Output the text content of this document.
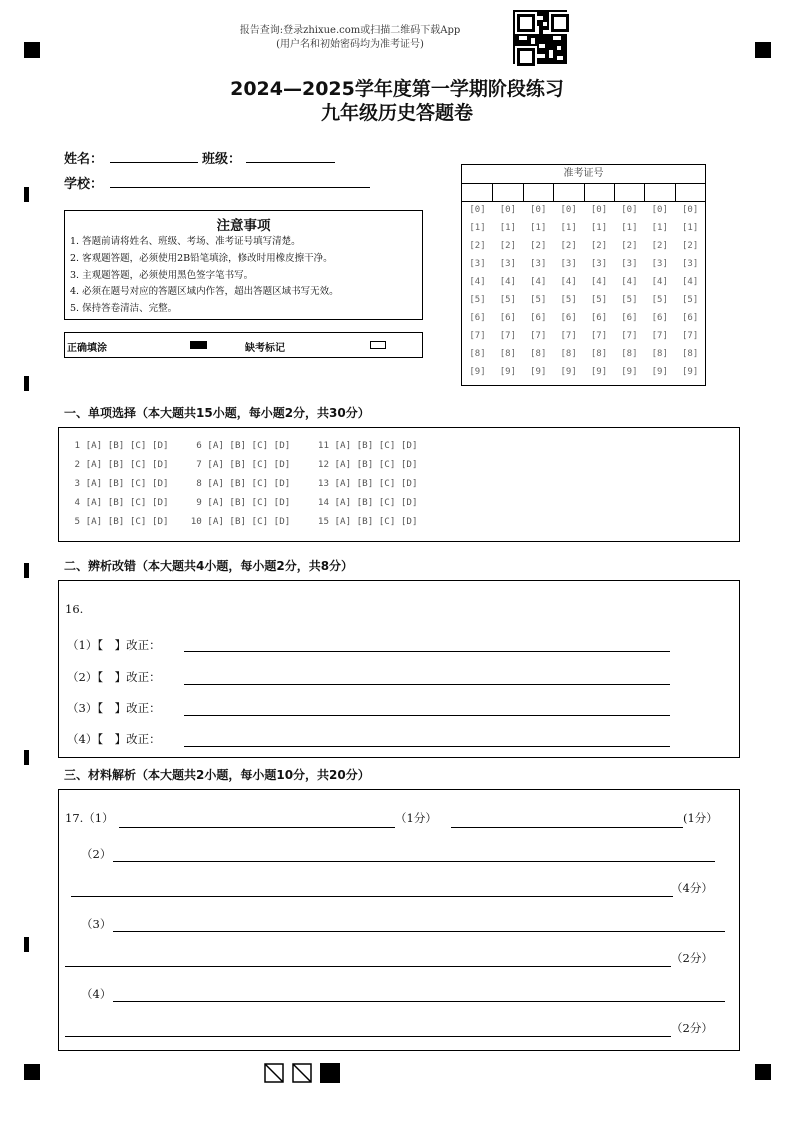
报告查询:登录zhixue.com或扫描二维码下载App
(用户名和初始密码均为准考证号)
2024—2025学年度第一学期阶段练习
九年级历史答题卷
姓名：	班级：
学校：
注意事项
1. 答题前请将姓名、班级、考场、准考证号填写清楚。
2. 客观题答题，必须使用2B铅笔填涂，修改时用橡皮擦干净。
3. 主观题答题，必须使用黑色签字笔书写。
4. 必须在题号对应的答题区域内作答，超出答题区域书写无效。
5. 保持答卷清洁、完整。
正确填涂	缺考标记
准考证号
[0]	[0]	[0]	[0]	[0]	[0]	[0]	[0]
[1]	[1]	[1]	[1]	[1]	[1]	[1]	[1]
[2]	[2]	[2]	[2]	[2]	[2]	[2]	[2]
[3]	[3]	[3]	[3]	[3]	[3]	[3]	[3]
[4]	[4]	[4]	[4]	[4]	[4]	[4]	[4]
[5]	[5]	[5]	[5]	[5]	[5]	[5]	[5]
[6]	[6]	[6]	[6]	[6]	[6]	[6]	[6]
[7]	[7]	[7]	[7]	[7]	[7]	[7]	[7]
[8]	[8]	[8]	[8]	[8]	[8]	[8]	[8]
[9]	[9]	[9]	[9]	[9]	[9]	[9]	[9]
一、单项选择（本大题共15小题，每小题2分，共30分）
1 [A] [B] [C] [D]     6 [A] [B] [C] [D]     11 [A] [B] [C] [D]
2 [A] [B] [C] [D]     7 [A] [B] [C] [D]     12 [A] [B] [C] [D]
3 [A] [B] [C] [D]     8 [A] [B] [C] [D]     13 [A] [B] [C] [D]
4 [A] [B] [C] [D]     9 [A] [B] [C] [D]     14 [A] [B] [C] [D]
5 [A] [B] [C] [D]    10 [A] [B] [C] [D]     15 [A] [B] [C] [D]
二、辨析改错（本大题共4小题，每小题2分，共8分）
16.
（1）【　】改正：
（2）【　】改正：
（3）【　】改正：
（4）【　】改正：
三、材料解析（本大题共2小题，每小题10分，共20分）
17.（1）	（1分）	(1分）
（2）
（4分）
（3）
（2分）
（4）
（2分）
